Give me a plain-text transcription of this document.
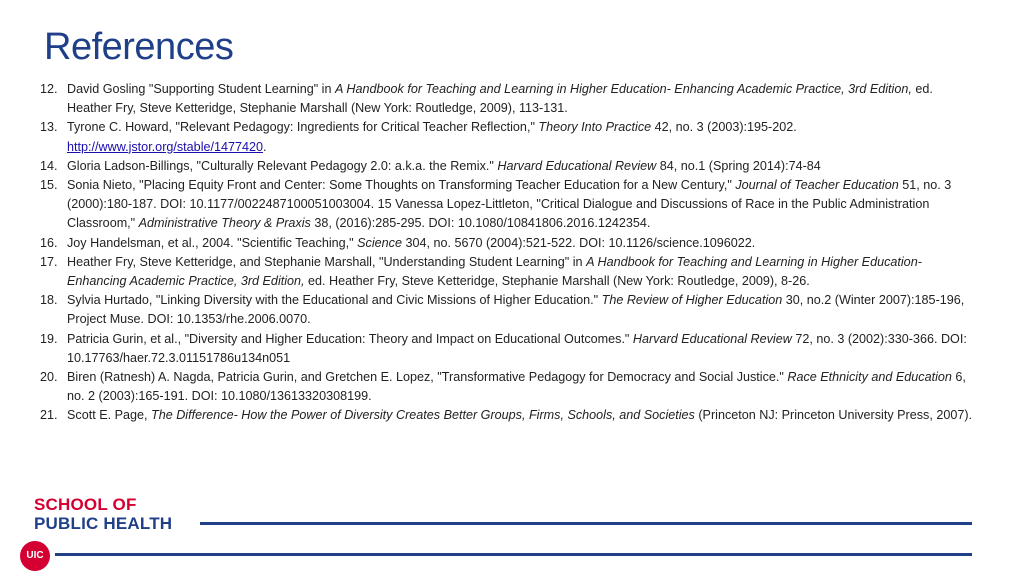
References
12. David Gosling "Supporting Student Learning" in A Handbook for Teaching and Learning in Higher Education- Enhancing Academic Practice, 3rd Edition, ed. Heather Fry, Steve Ketteridge, Stephanie Marshall (New York: Routledge, 2009), 113-131.
13. Tyrone C. Howard, "Relevant Pedagogy: Ingredients for Critical Teacher Reflection," Theory Into Practice 42, no. 3 (2003):195-202. http://www.jstor.org/stable/1477420.
14. Gloria Ladson-Billings, "Culturally Relevant Pedagogy 2.0: a.k.a. the Remix." Harvard Educational Review 84, no.1 (Spring 2014):74-84
15. Sonia Nieto, "Placing Equity Front and Center: Some Thoughts on Transforming Teacher Education for a New Century," Journal of Teacher Education 51, no. 3 (2000):180-187. DOI: 10.1177/0022487100051003004. 15 Vanessa Lopez-Littleton, "Critical Dialogue and Discussions of Race in the Public Administration Classroom," Administrative Theory & Praxis 38, (2016):285-295. DOI: 10.1080/10841806.2016.1242354.
16. Joy Handelsman, et al., 2004. "Scientific Teaching," Science 304, no. 5670 (2004):521-522. DOI: 10.1126/science.1096022.
17. Heather Fry, Steve Ketteridge, and Stephanie Marshall, "Understanding Student Learning" in A Handbook for Teaching and Learning in Higher Education- Enhancing Academic Practice, 3rd Edition, ed. Heather Fry, Steve Ketteridge, Stephanie Marshall (New York: Routledge, 2009), 8-26.
18. Sylvia Hurtado, "Linking Diversity with the Educational and Civic Missions of Higher Education." The Review of Higher Education 30, no.2 (Winter 2007):185-196, Project Muse. DOI: 10.1353/rhe.2006.0070.
19. Patricia Gurin, et al., "Diversity and Higher Education: Theory and Impact on Educational Outcomes." Harvard Educational Review 72, no. 3 (2002):330-366. DOI: 10.17763/haer.72.3.01151786u134n051
20. Biren (Ratnesh) A. Nagda, Patricia Gurin, and Gretchen E. Lopez, "Transformative Pedagogy for Democracy and Social Justice." Race Ethnicity and Education 6, no. 2 (2003):165-191. DOI: 10.1080/13613320308199.
21. Scott E. Page, The Difference- How the Power of Diversity Creates Better Groups, Firms, Schools, and Societies (Princeton NJ: Princeton University Press, 2007).
SCHOOL OF
PUBLIC HEALTH
UIC
